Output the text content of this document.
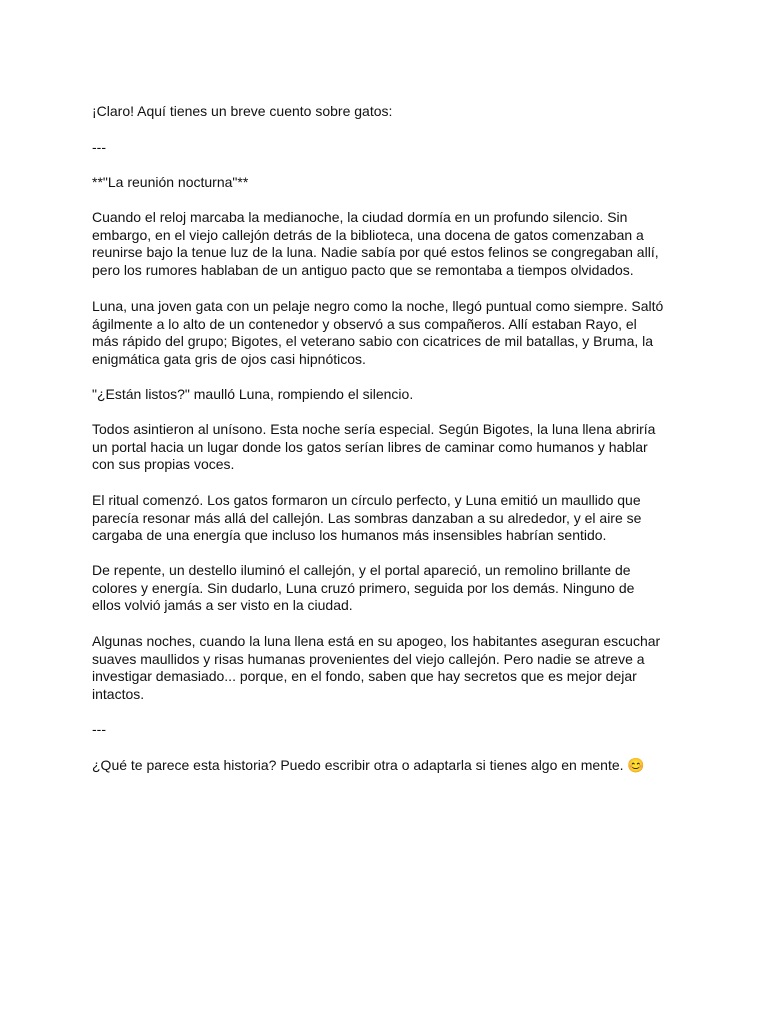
¡Claro! Aquí tienes un breve cuento sobre gatos:

---

**"La reunión nocturna"**

Cuando el reloj marcaba la medianoche, la ciudad dormía en un profundo silencio. Sin
embargo, en el viejo callejón detrás de la biblioteca, una docena de gatos comenzaban a
reunirse bajo la tenue luz de la luna. Nadie sabía por qué estos felinos se congregaban allí,
pero los rumores hablaban de un antiguo pacto que se remontaba a tiempos olvidados.

Luna, una joven gata con un pelaje negro como la noche, llegó puntual como siempre. Saltó
ágilmente a lo alto de un contenedor y observó a sus compañeros. Allí estaban Rayo, el
más rápido del grupo; Bigotes, el veterano sabio con cicatrices de mil batallas, y Bruma, la
enigmática gata gris de ojos casi hipnóticos.

"¿Están listos?" maulló Luna, rompiendo el silencio.

Todos asintieron al unísono. Esta noche sería especial. Según Bigotes, la luna llena abriría
un portal hacia un lugar donde los gatos serían libres de caminar como humanos y hablar
con sus propias voces.

El ritual comenzó. Los gatos formaron un círculo perfecto, y Luna emitió un maullido que
parecía resonar más allá del callejón. Las sombras danzaban a su alrededor, y el aire se
cargaba de una energía que incluso los humanos más insensibles habrían sentido.

De repente, un destello iluminó el callejón, y el portal apareció, un remolino brillante de
colores y energía. Sin dudarlo, Luna cruzó primero, seguida por los demás. Ninguno de
ellos volvió jamás a ser visto en la ciudad.

Algunas noches, cuando la luna llena está en su apogeo, los habitantes aseguran escuchar
suaves maullidos y risas humanas provenientes del viejo callejón. Pero nadie se atreve a
investigar demasiado... porque, en el fondo, saben que hay secretos que es mejor dejar
intactos.

---

¿Qué te parece esta historia? Puedo escribir otra o adaptarla si tienes algo en mente. 😊
